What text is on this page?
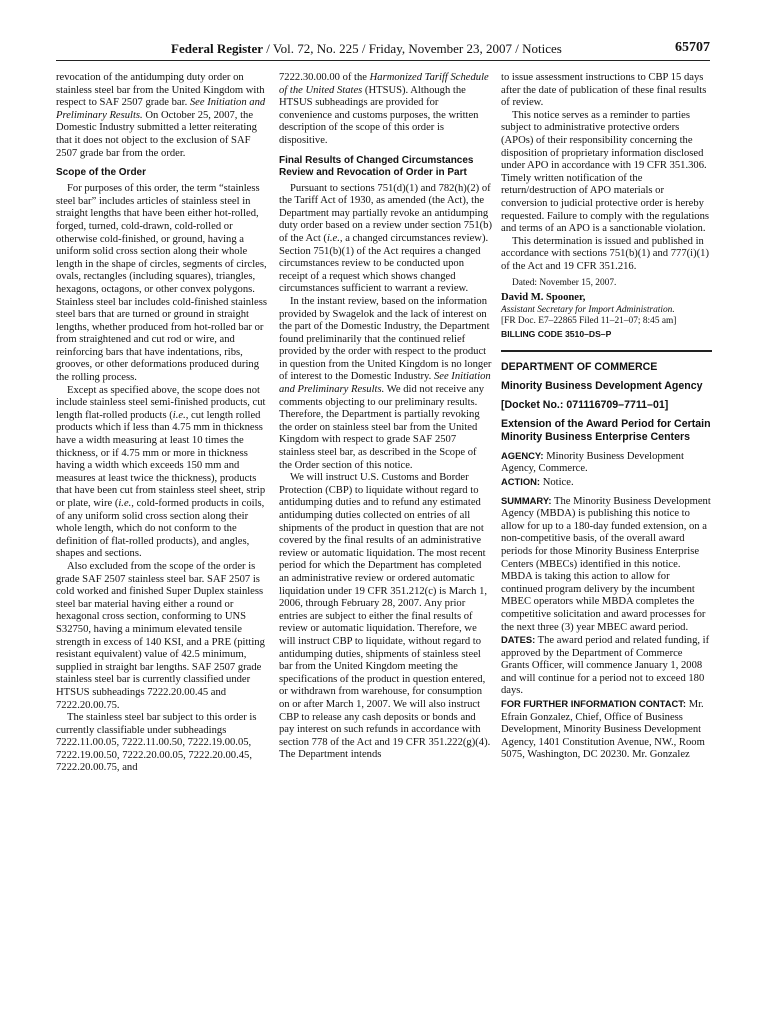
Federal Register / Vol. 72, No. 225 / Friday, November 23, 2007 / Notices	65707

revocation of the antidumping duty order on stainless steel bar from the United Kingdom with respect to SAF 2507 grade bar. See Initiation and Preliminary Results. On October 25, 2007, the Domestic Industry submitted a letter reiterating that it does not object to the exclusion of SAF 2507 grade bar from the order.

Scope of the Order

For purposes of this order, the term “stainless steel bar” includes articles of stainless steel in straight lengths that have been either hot-rolled, forged, turned, cold-drawn, cold-rolled or otherwise cold-finished, or ground, having a uniform solid cross section along their whole length in the shape of circles, segments of circles, ovals, rectangles (including squares), triangles, hexagons, octagons, or other convex polygons. Stainless steel bar includes cold-finished stainless steel bars that are turned or ground in straight lengths, whether produced from hot-rolled bar or from straightened and cut rod or wire, and reinforcing bars that have indentations, ribs, grooves, or other deformations produced during the rolling process.

Except as specified above, the scope does not include stainless steel semi-finished products, cut length flat-rolled products (i.e., cut length rolled products which if less than 4.75 mm in thickness have a width measuring at least 10 times the thickness, or if 4.75 mm or more in thickness having a width which exceeds 150 mm and measures at least twice the thickness), products that have been cut from stainless steel sheet, strip or plate, wire (i.e., cold-formed products in coils, of any uniform solid cross section along their whole length, which do not conform to the definition of flat-rolled products), and angles, shapes and sections.

Also excluded from the scope of the order is grade SAF 2507 stainless steel bar. SAF 2507 is cold worked and finished Super Duplex stainless steel bar material having either a round or hexagonal cross section, conforming to UNS S32750, having a minimum elevated tensile strength in excess of 140 KSI, and a PRE (pitting resistant equivalent) value of 42.5 minimum, supplied in straight bar lengths. SAF 2507 grade stainless steel bar is currently classified under HTSUS subheadings 7222.20.00.45 and 7222.20.00.75.

The stainless steel bar subject to this order is currently classifiable under subheadings 7222.11.00.05, 7222.11.00.50, 7222.19.00.05, 7222.19.00.50, 7222.20.00.05, 7222.20.00.45, 7222.20.00.75, and

7222.30.00.00 of the Harmonized Tariff Schedule of the United States (HTSUS). Although the HTSUS subheadings are provided for convenience and customs purposes, the written description of the scope of this order is dispositive.

Final Results of Changed Circumstances Review and Revocation of Order in Part

Pursuant to sections 751(d)(1) and 782(h)(2) of the Tariff Act of 1930, as amended (the Act), the Department may partially revoke an antidumping duty order based on a review under section 751(b) of the Act (i.e., a changed circumstances review). Section 751(b)(1) of the Act requires a changed circumstances review to be conducted upon receipt of a request which shows changed circumstances sufficient to warrant a review.

In the instant review, based on the information provided by Swagelok and the lack of interest on the part of the Domestic Industry, the Department found preliminarily that the continued relief provided by the order with respect to the product in question from the United Kingdom is no longer of interest to the Domestic Industry. See Initiation and Preliminary Results. We did not receive any comments objecting to our preliminary results. Therefore, the Department is partially revoking the order on stainless steel bar from the United Kingdom with respect to grade SAF 2507 stainless steel bar, as described in the Scope of the Order section of this notice.

We will instruct U.S. Customs and Border Protection (CBP) to liquidate without regard to antidumping duties and to refund any estimated antidumping duties collected on entries of all shipments of the product in question that are not covered by the final results of an administrative review or automatic liquidation. The most recent period for which the Department has completed an administrative review or ordered automatic liquidation under 19 CFR 351.212(c) is March 1, 2006, through February 28, 2007. Any prior entries are subject to either the final results of review or automatic liquidation. Therefore, we will instruct CBP to liquidate, without regard to antidumping duties, shipments of stainless steel bar from the United Kingdom meeting the specifications of the product in question entered, or withdrawn from warehouse, for consumption on or after March 1, 2007. We will also instruct CBP to release any cash deposits or bonds and pay interest on such refunds in accordance with section 778 of the Act and 19 CFR 351.222(g)(4). The Department intends

to issue assessment instructions to CBP 15 days after the date of publication of these final results of review.

This notice serves as a reminder to parties subject to administrative protective orders (APOs) of their responsibility concerning the disposition of proprietary information disclosed under APO in accordance with 19 CFR 351.306. Timely written notification of the return/destruction of APO materials or conversion to judicial protective order is hereby requested. Failure to comply with the regulations and terms of an APO is a sanctionable violation.

This determination is issued and published in accordance with sections 751(b)(1) and 777(i)(1) of the Act and 19 CFR 351.216.

Dated: November 15, 2007.

David M. Spooner,

Assistant Secretary for Import Administration.

[FR Doc. E7–22865 Filed 11–21–07; 8:45 am]

BILLING CODE 3510–DS–P

DEPARTMENT OF COMMERCE
Minority Business Development Agency
[Docket No.: 071116709–7711–01]
Extension of the Award Period for Certain Minority Business Enterprise Centers

AGENCY: Minority Business Development Agency, Commerce.

ACTION: Notice.

SUMMARY: The Minority Business Development Agency (MBDA) is publishing this notice to allow for up to a 180-day funded extension, on a non-competitive basis, of the overall award periods for those Minority Business Enterprise Centers (MBECs) identified in this notice. MBDA is taking this action to allow for continued program delivery by the incumbent MBEC operators while MBDA completes the competitive solicitation and award processes for the next three (3) year MBEC award period.

DATES: The award period and related funding, if approved by the Department of Commerce Grants Officer, will commence January 1, 2008 and will continue for a period not to exceed 180 days.

FOR FURTHER INFORMATION CONTACT: Mr. Efrain Gonzalez, Chief, Office of Business Development, Minority Business Development Agency, 1401 Constitution Avenue, NW., Room 5075, Washington, DC 20230. Mr. Gonzalez
